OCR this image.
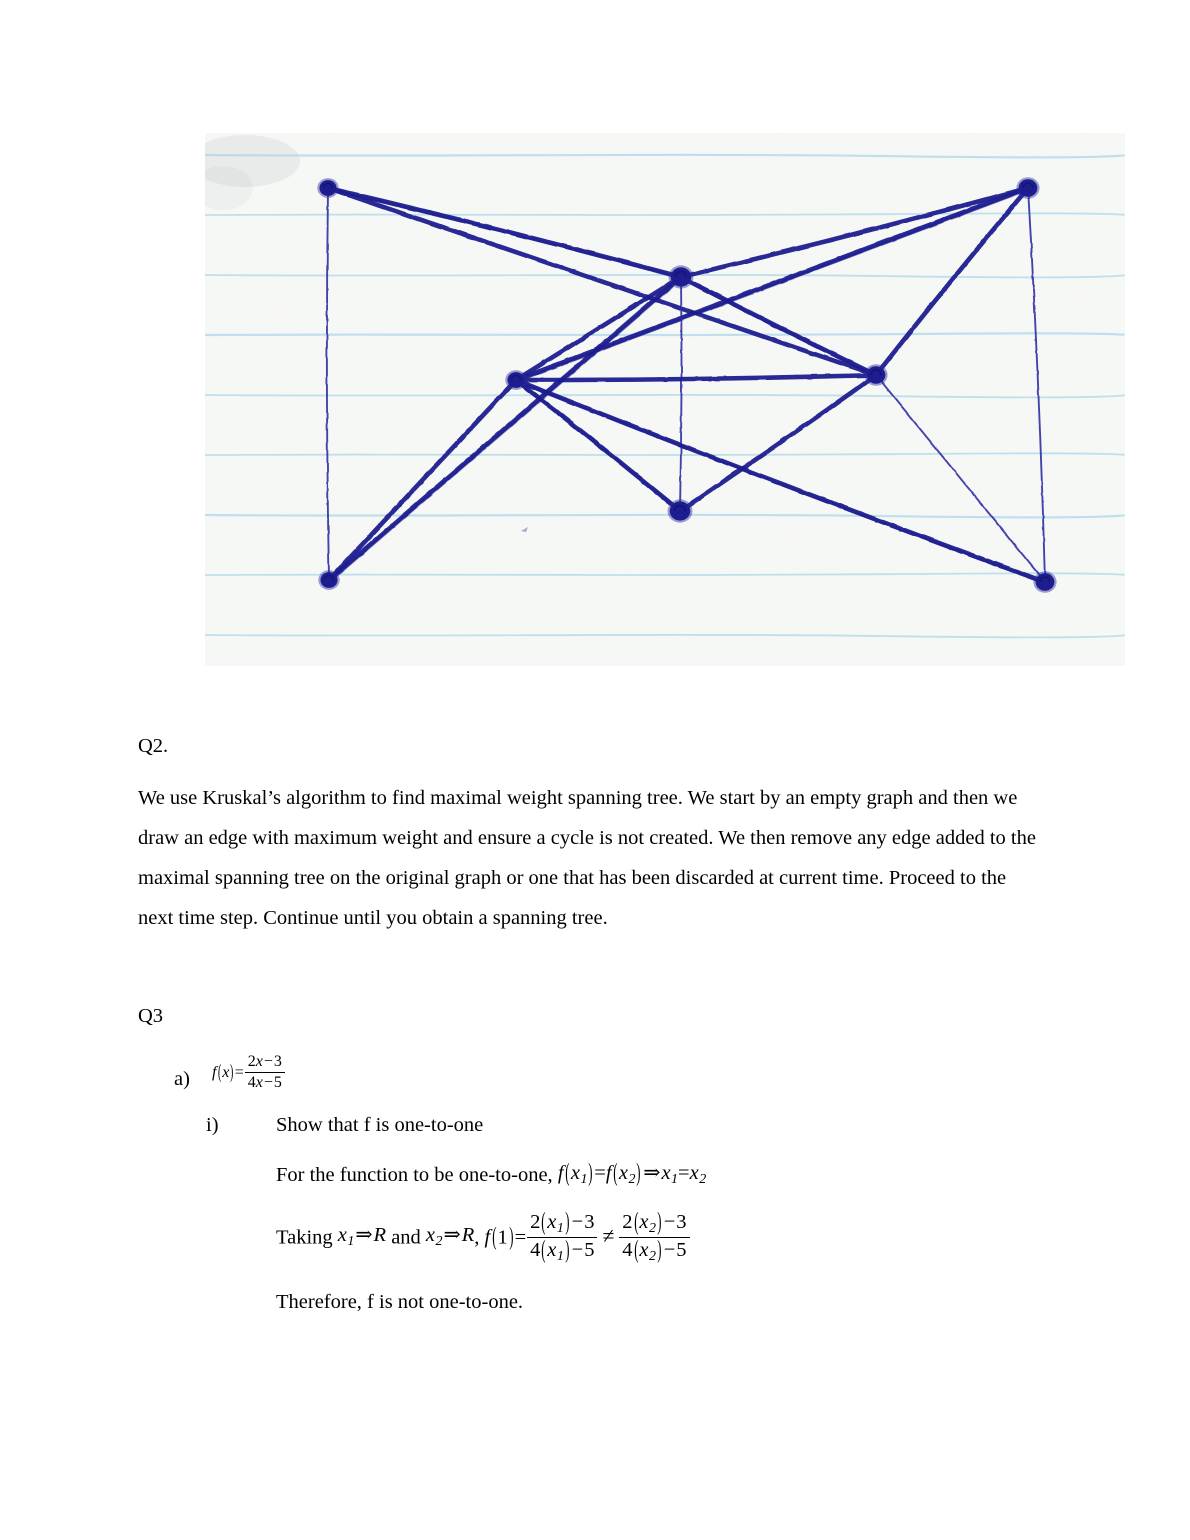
Q2.

We use Kruskal’s algorithm to find maximal weight spanning tree. We start by an empty graph and then we draw an edge with maximum weight and ensure a cycle is not created. We then remove any edge added to the maximal spanning tree on the original graph or one that has been discarded at current time. Proceed to the next time step. Continue until you obtain a spanning tree.

Q3

a) $f(x)= \frac{2x-3}{4x-5}$
i)	Show that f is one-to-one

For the function to be one-to-one, f(x1)=f(x2) ⇒x1=x2

Taking x1⇒R and x2⇒R, $f(1)= \frac{2(x1) -3}{4(x1) -5} \ne \frac{2(x2) -3}{4(x2) -5}$

Therefore, f is not one-to-one.
